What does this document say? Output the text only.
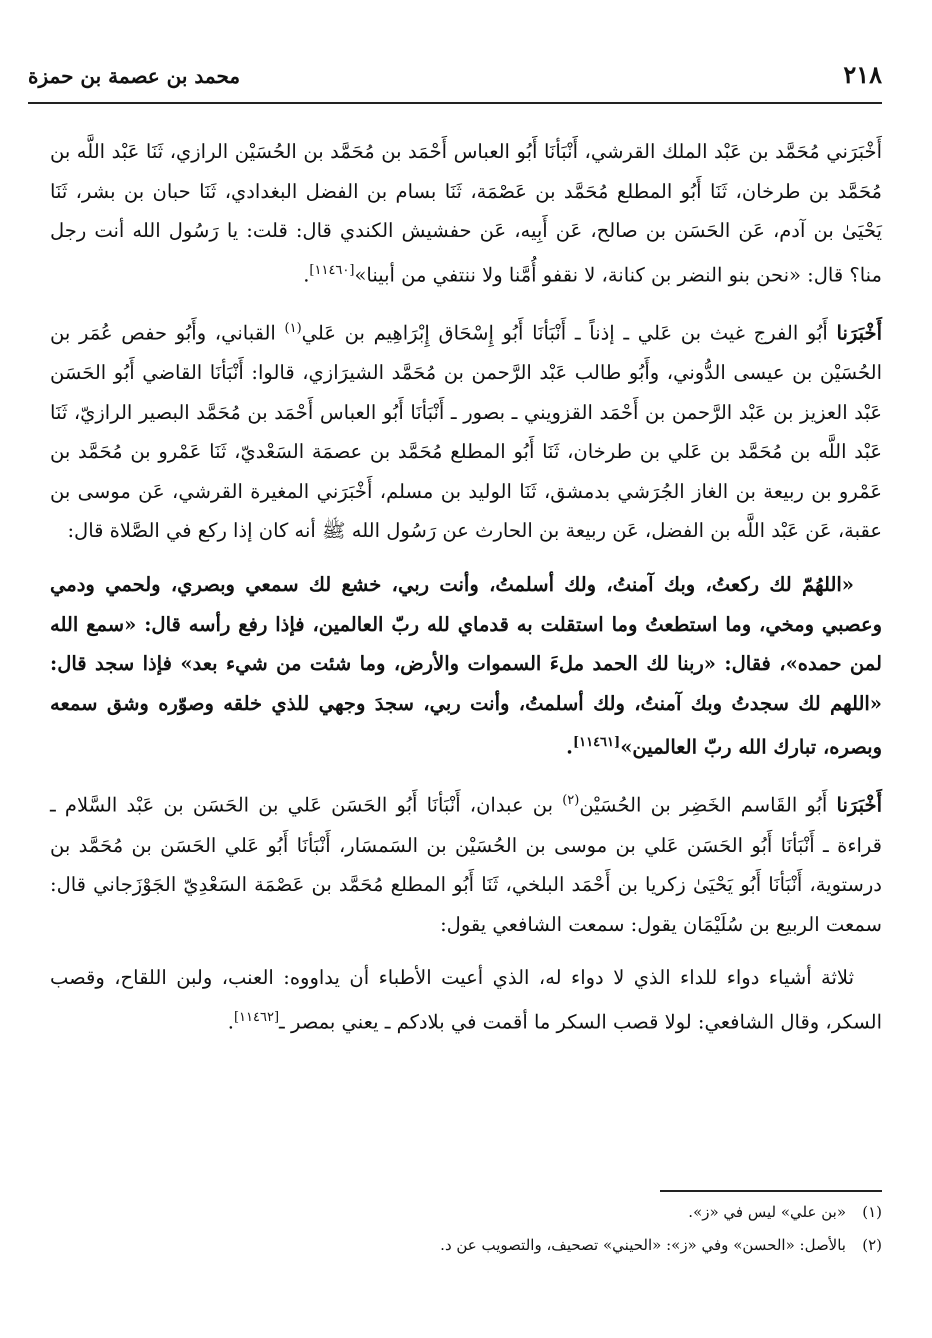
٢١٨
محمد بن عصمة بن حمزة

أَخْبَرَني مُحَمَّد بن عَبْد الملك القرشي، أَنْبَأنَا أَبُو العباس أَحْمَد بن مُحَمَّد بن الحُسَيْن الرازي، ثَنَا عَبْد اللَّه بن مُحَمَّد بن طرخان، ثَنَا أَبُو المطلع مُحَمَّد بن عَصْمَة، ثَنَا بسام بن الفضل البغدادي، ثَنَا حبان بن بشر، ثَنَا يَحْيَىٰ بن آدم، عَن الحَسَن بن صالح، عَن أَبِيه، عَن حفشيش الكندي قال: قلت: يا رَسُول الله أنت رجل منا؟ قال: «نحن بنو النضر بن كنانة، لا نقفو أُمَّنا ولا ننتفي من أبينا»[١١٤٦٠].

أَخْبَرَنا أَبُو الفرج غيث بن عَلي ـ إذناً ـ أَنْبَأنَا أَبُو إِسْحَاق إِبْرَاهِيم بن عَلي$^{(١)}$ القباني، وأَبُو حفص عُمَر بن الحُسَيْن بن عيسى الدُّوني، وأَبُو طالب عَبْد الرَّحمن بن مُحَمَّد الشيرَازي، قالوا: أَنْبَأنَا القاضي أَبُو الحَسَن عَبْد العزيز بن عَبْد الرَّحمن بن أَحْمَد القزويني ـ بصور ـ أَنْبَأنَا أَبُو العباس أَحْمَد بن مُحَمَّد البصير الرازيّ، ثَنَا عَبْد اللَّه بن مُحَمَّد بن عَلي بن طرخان، ثَنَا أَبُو المطلع مُحَمَّد بن عصمَة السَعْديّ، ثَنَا عَمْرو بن مُحَمَّد بن عَمْرو بن ربيعة بن الغاز الجُرَشي بدمشق، ثَنَا الوليد بن مسلم، أَخْبَرَني المغيرة القرشي، عَن موسى بن عقبة، عَن عَبْد اللَّه بن الفضل، عَن ربيعة بن الحارث عن رَسُول الله ﷺ أنه كان إذا ركع في الصَّلاة قال:

«اللهُمّ لك ركعتُ، وبك آمنتُ، ولك أسلمتُ، وأنت ربي، خشع لك سمعي وبصري، ولحمي ودمي وعصبي ومخي، وما استطعتُ وما استقلت به قدماي لله ربّ العالمين، فإذا رفع رأسه قال: «سمع الله لمن حمده»، فقال: «ربنا لك الحمد ملءَ السموات والأرض، وما شئت من شيء بعد» فإذا سجد قال: «اللهم لك سجدتُ وبك آمنتُ، ولك أسلمتُ، وأنت ربي، سجدَ وجهي للذي خلقه وصوّره وشق سمعه وبصره، تبارك الله ربّ العالمين»[١١٤٦١].

أَخْبَرَنا أَبُو القَاسم الخَضِر بن الحُسَيْن$^{(٢)}$ بن عبدان، أَنْبَأنَا أَبُو الحَسَن عَلي بن الحَسَن بن عَبْد السَّلام ـ قراءة ـ أَنْبَأنَا أَبُو الحَسَن عَلي بن موسى بن الحُسَيْن بن السَمسَار، أَنْبَأنَا أَبُو عَلي الحَسَن بن مُحَمَّد بن درستوية، أَنْبَأنَا أَبُو يَحْيَىٰ زكريا بن أَحْمَد البلخي، ثَنَا أَبُو المطلع مُحَمَّد بن عَصْمَة السَعْدِيّ الجَوْزَجاني قال: سمعت الربيع بن سُلَيْمَان يقول: سمعت الشافعي يقول:

ثلاثة أشياء دواء للداء الذي لا دواء له، الذي أعيت الأطباء أن يداووه: العنب، ولبن اللقاح، وقصب السكر، وقال الشافعي: لولا قصب السكر ما أقمت في بلادكم ـ يعني بمصر ـ[١١٤٦٢].

(١)«بن علي» ليس في «ز».

(٢)بالأصل: «الحسن» وفي «ز»: «الحيني» تصحيف، والتصويب عن د.
